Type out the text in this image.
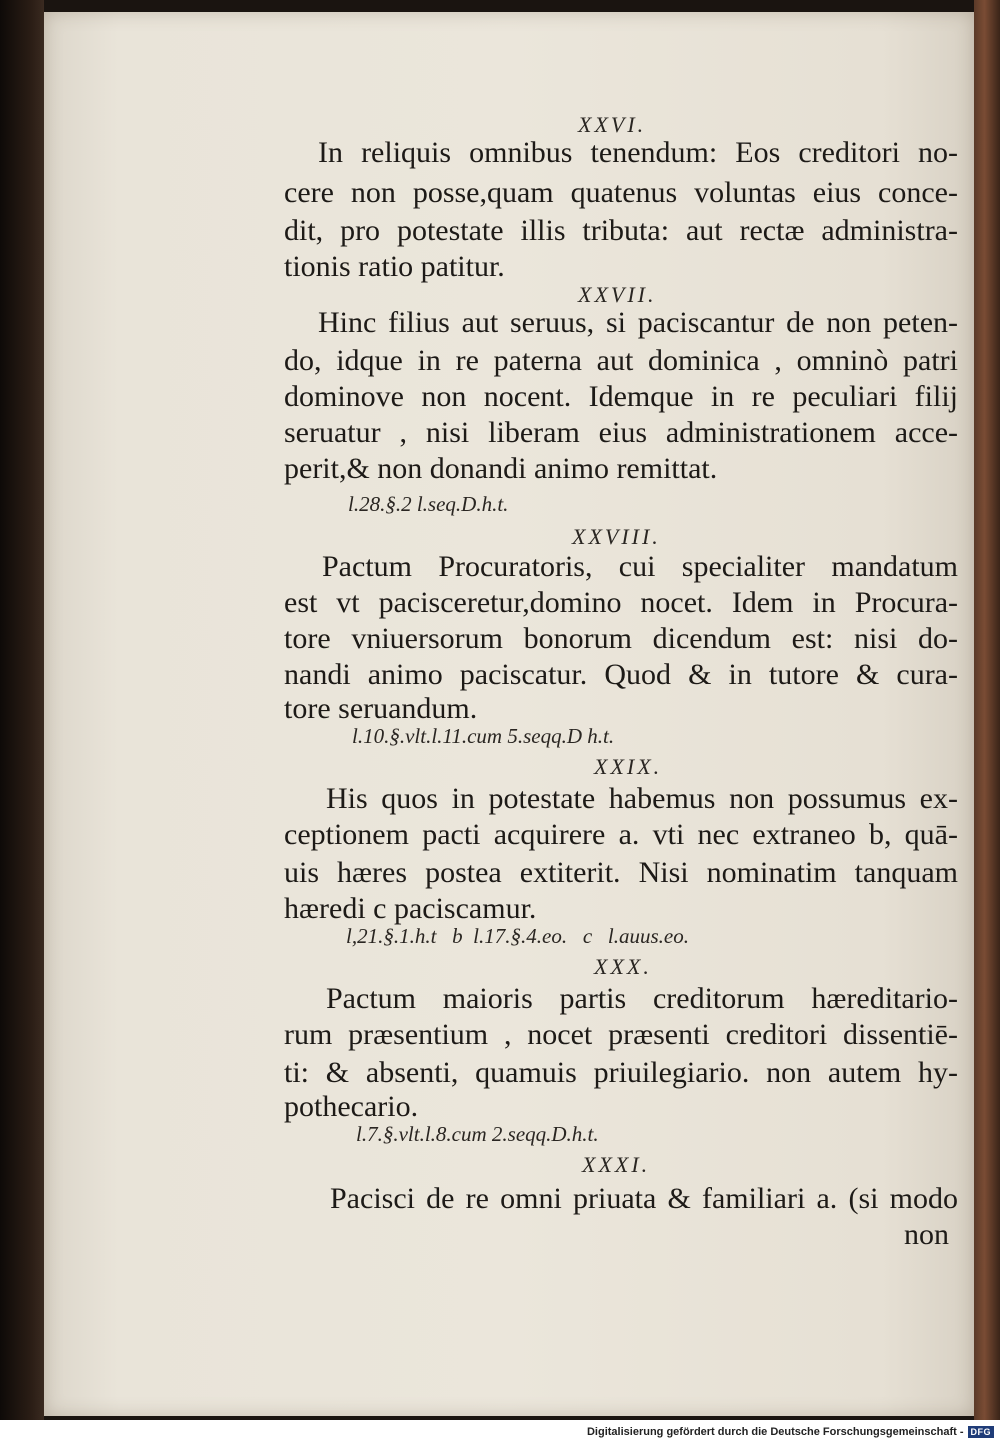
XXVI.
In reliquis omnibus tenendum: Eos creditori no-
cere non posse,quam quatenus voluntas eius conce-
dit, pro potestate illis tributa: aut rectæ administra-
tionis ratio patitur.
XXVII.
Hinc filius aut seruus, si paciscantur de non peten-
do, idque in re paterna aut dominica , omninò patri
dominove non nocent. Idemque in re peculiari filij
seruatur , nisi liberam eius administrationem acce-
perit,& non donandi animo remittat.
l.28.§.2 l.seq.D.h.t.
XXVIII.
Pactum Procuratoris, cui specialiter mandatum
est vt pacisceretur,domino nocet. Idem in Procura-
tore vniuersorum bonorum dicendum est: nisi do-
nandi animo paciscatur. Quod & in tutore & cura-
tore seruandum.
l.10.§.vlt.l.11.cum 5.seqq.D h.t.
XXIX.
His quos in potestate habemus non possumus ex-
ceptionem pacti acquirere a. vti nec extraneo b, quā-
uis hæres postea extiterit. Nisi nominatim tanquam
hæredi c paciscamur.
l,21.§.1.h.t   b  l.17.§.4.eo.   c   l.auus.eo.
XXX.
Pactum maioris partis creditorum hæreditario-
rum præsentium , nocet præsenti creditori dissentiē-
ti: & absenti, quamuis priuilegiario. non autem hy-
pothecario.
l.7.§.vlt.l.8.cum 2.seqq.D.h.t.
XXXI.
Pacisci de re omni priuata & familiari a. (si modo
non
Digitalisierung gefördert durch die Deutsche Forschungsgemeinschaft - DFG
